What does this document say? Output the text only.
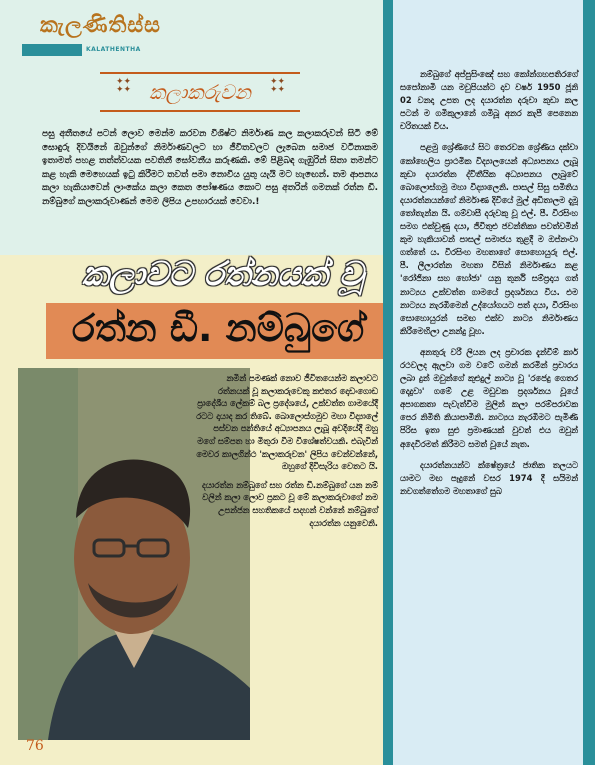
කැලණිතිස්ස
KALATHENTHA
✦✦
✦✦ කලාකරුවන	✦✦
✦✦
පසු අතීතයේ පටන් ලොව මෙන්ම කරවන විශිෂ්ට නිර්මාණ කල කලාකරුවන් සිටී මේ සොඳුරු දිවයිනේ ඔවුන්ගේ නිර්මාණවලට හා ජීවිතවලට ලැබෙන සමාජ වටිනාකම ඉතාමත් පහළ තත්ත්වයක පවතිනී සෝවනීය කරුණකි. මේ පිළිබඳ ගැඹුරින් සිතා තමන්ට කළ හැකි මෙහෙයක් ඉටු කිරීමට තවත් පමා නොවිය යුතු යැයි මට හැඟෙන්. තම ආපනය කලා හැකියාවෙන් ලාංකේය කලා කෙත පෝෂණය කොට පසු අතරින් ගමනක් රත්න ඩී. නම්බුගේ කලාකරුවාණන් මෙම ලිපිය උපහාරයක් වෙවා.!
කලාවට රත්නයක් වූ
රත්න ඩී. නම්බුගේ

නමින් පමණක් නොව ජීවිතයෙන්ම කලාවට රත්නයක් වූ කලාකරුවෙකු කළුතර දොඩංගොඩ ප්‍රාදේශීය ලේකම් බල ප්‍රදේශයේ, උක්වත්ත ගාමයේදී රටට දායාද කර තිබේ. බොලොස්ගමුව මහා විද්‍යාලේ පස්වන පන්තියේ අධ්‍යාපනය ලැබූ අවදියේදී ඔහු මගේ සම්පත හා මිතුරා වීම විශේෂත්වයකි. එබැවින් මෙවර කාලගින්ථ 'කලාකරුවන' ලිපිය වෙන්වන්නේ, ඔහුගේ දිවිසැරිය වෙතට යි.

දයාරත්න නම්බුගේ සහ රත්න ඩී.නම්බුගේ යන නම් වලින් කලා ලොව ප්‍රකට වූ මේ කලාකරුවාගේ නම උපන්ජන සහතිකයේ සදහන් වන්නේ නම්බුගේ දයාරත්න යනුවෙනි.

නම්බුගේ අප්පුසිංඤේ සහ කෝන්ගහපතිරගේ සපෝනාමි යන මවුපියන්ට දාව වර්ෂ 1950 ජූනි 02 වනදා උපත ලද දයාරත්න දරුවා කුඩා කල පටන් ම ගමිකුලානේ ගමිබූ අනර කැපී පෙනෙන චරිතයක් විය.

පළමු ශ්‍රේණියේ සිට තෙරවන ශ්‍රේණිය දක්වා කෝහෙලිය ප්‍රාථමික විද්‍යාලයෙන් අධ්‍යාපනය ලැබූ කුඩා දයාරත්න ද්විතීයික අධ්‍යාපනය ලැබුවේ බොලොස්ගමු මහා විද්‍යාලෙනි. පාසල් සිසු සමිතිය දයාරත්නයන්ගේ නිර්මාණ දිවියේ මුල් අඩිතාලම දැමූ තෝතැන්න යි. ගම්වාසී දරුවකු වූ එල්. පී. වීරසිංහ සමග එක්වුණු දයා, ජිවිතුළු ජවන්තිකා පවත්වමින් කුම හැකියාවන් පාසල් සමාජය තුළදී ම ඔප්නංවා ගත්තේ ය. වීරසිංහ මහතාගේ සොහොයුරු එල්. පී. ලීලාරත්න මහතා විසින් නිර්මාණය කළ 'රෝජිනා සහ හෝජා' යනු තුර්නි සම්ප්‍රදාය ගත් නාට්‍යය උක්වත්ත ගාමයේ ප්‍රදර්ශනය විය. එම නාට්‍යය නැරඹිමෙන් උද්යෝගයට පත් දයා, වීරසිංහ සොහොයුරන් සමඟ එක්ව නාට්‍ය නිර්මාණය කිරීමෙහිලා උනන්දු වූහ.

අනතුරු වරී ලියන ලද ප්‍රචාරක දැන්වීම් කාර් රථවලද ඇලවා ගම වටේ ගමන් කරමින් ප්‍රචාරය ලබා දුන් ඔවුන්ගේ කුළුදුල් නාට්‍ය වූ 'රජෙදු ගෙතර දෙදුවා' ගමේ උළ මඩුවක ප්‍රදර්ශනය වූයේ අපාගකතා පැවැත්වීම මුලින් කලා පරම්පරාවක පෙර නිමිති කියාපාමිනි. නාට්‍යය නැරඹීමට පැමිණි පිරිස ඉතා සුළු ප්‍රමාණයක් වුවත් එය ඔවුන් අදෙවිරමත් කිරීමට සමත් වූයේ නැත.

දයාරත්නයන්ට ක්ෂේත්‍රයේ ජාතික තලයට යාමට මඟ පෑදුනේ වසර 1974 දී සයිමන් නවගත්තේගම මහතාගේ සුබ

76
